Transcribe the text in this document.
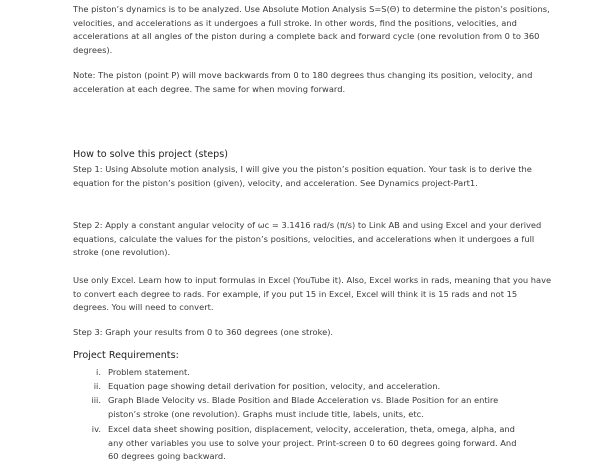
The piston’s dynamics is to be analyzed. Use Absolute Motion Analysis S=S(Θ) to determine the piston’s positions, velocities, and accelerations as it undergoes a full stroke. In other words, find the positions, velocities, and accelerations at all angles of the piston during a complete back and forward cycle (one revolution from 0 to 360 degrees).
Note: The piston (point P) will move backwards from 0 to 180 degrees thus changing its position, velocity, and acceleration at each degree. The same for when moving forward.
How to solve this project (steps)
Step 1: Using Absolute motion analysis, I will give you the piston’s position equation. Your task is to derive the equation for the piston’s position (given), velocity, and acceleration. See Dynamics project-Part1.
Step 2: Apply a constant angular velocity of ωc = 3.1416 rad/s (π/s) to Link AB and using Excel and your derived equations, calculate the values for the piston’s positions, velocities, and accelerations when it undergoes a full stroke (one revolution).
Use only Excel. Learn how to input formulas in Excel (YouTube it). Also, Excel works in rads, meaning that you have to convert each degree to rads. For example, if you put 15 in Excel, Excel will think it is 15 rads and not 15 degrees. You will need to convert.
Step 3: Graph your results from 0 to 360 degrees (one stroke).
Project Requirements:
i. Problem statement.
ii. Equation page showing detail derivation for position, velocity, and acceleration.
iii. Graph Blade Velocity vs. Blade Position and Blade Acceleration vs. Blade Position for an entire piston’s stroke (one revolution). Graphs must include title, labels, units, etc.
iv. Excel data sheet showing position, displacement, velocity, acceleration, theta, omega, alpha, and any other variables you use to solve your project. Print-screen 0 to 60 degrees going forward. And 60 degrees going backward.
